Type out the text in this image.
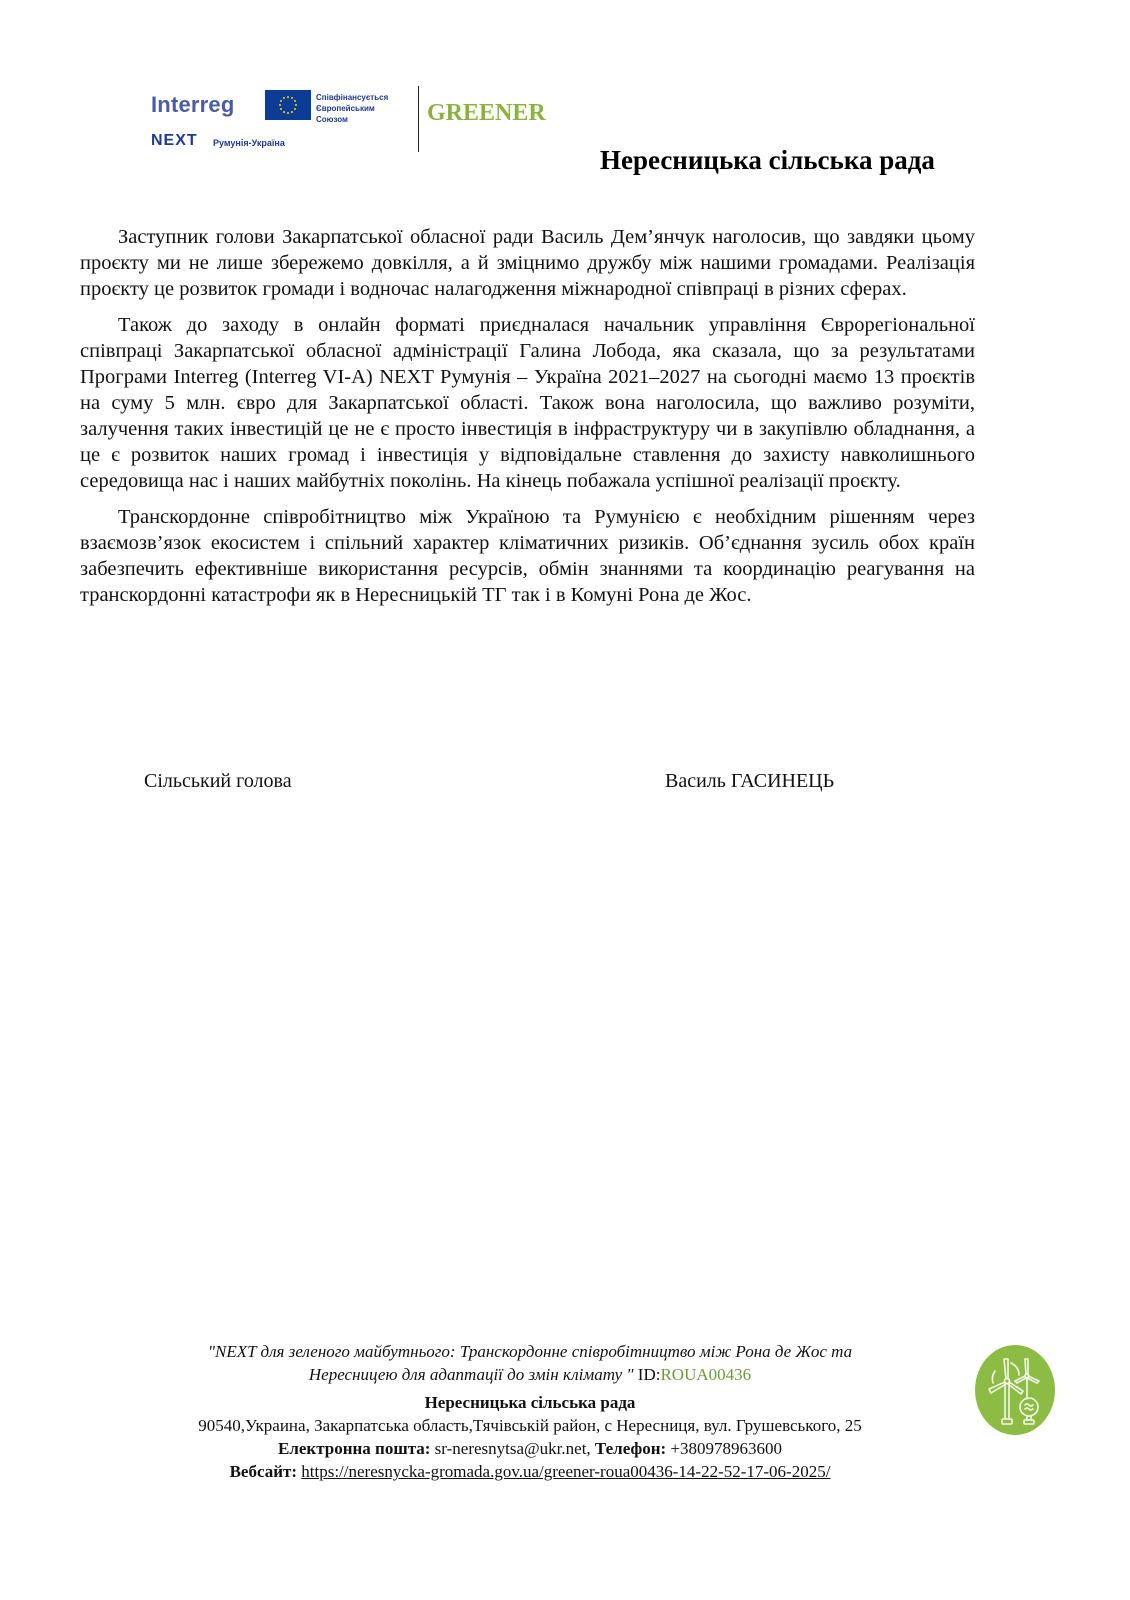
Interreg
NEXT Румунія-Україна
Співфінансується
Європейським
Союзом	GREENER
Нересницька сільська рада

Заступник голови Закарпатської обласної ради Василь Дем’янчук наголосив, що завдяки цьому проєкту ми не лише збережемо довкілля, а й зміцнимо дружбу між нашими громадами. Реалізація проєкту це розвиток громади і водночас налагодження міжнародної співпраці в різних сферах.

Також до заходу в онлайн форматі приєдналася начальник управління Єврорегіональної співпраці Закарпатської обласної адміністрації Галина Лобода, яка сказала, що за результатами Програми Interreg (Interreg VI-A) NEXT Румунія – Україна 2021–2027 на сьогодні маємо 13 проєктів на суму 5 млн. євро для Закарпатської області. Також вона наголосила, що важливо розуміти, залучення таких інвестицій це не є просто інвестиція в інфраструктуру чи в закупівлю обладнання, а це є розвиток наших громад і інвестиція у відповідальне ставлення до захисту навколишнього середовища нас і наших майбутніх поколінь. На кінець побажала успішної реалізації проєкту.

Транскордонне співробітництво між Україною та Румунією є необхідним рішенням через взаємозв’язок екосистем і спільний характер кліматичних ризиків. Об’єднання зусиль обох країн забезпечить ефективніше використання ресурсів, обмін знаннями та координацію реагування на транскордонні катастрофи як в Нересницькій ТГ так і в Комуні Рона де Жос.

Сільський голова	Василь ГАСИНЕЦЬ
"NEXT для зеленого майбутнього: Транскордонне співробітництво між Рона де Жос та
Нересницею для адаптації до змін клімату " ID:ROUA00436
Нересницька сільська рада
90540,Украина, Закарпатська область,Тячівській район, с Нересниця, вул. Грушевського, 25
Електронна пошта: sr-neresnytsa@ukr.net, Телефон: +380978963600
Вебсайт: https://neresnycka-gromada.gov.ua/greener-roua00436-14-22-52-17-06-2025/
